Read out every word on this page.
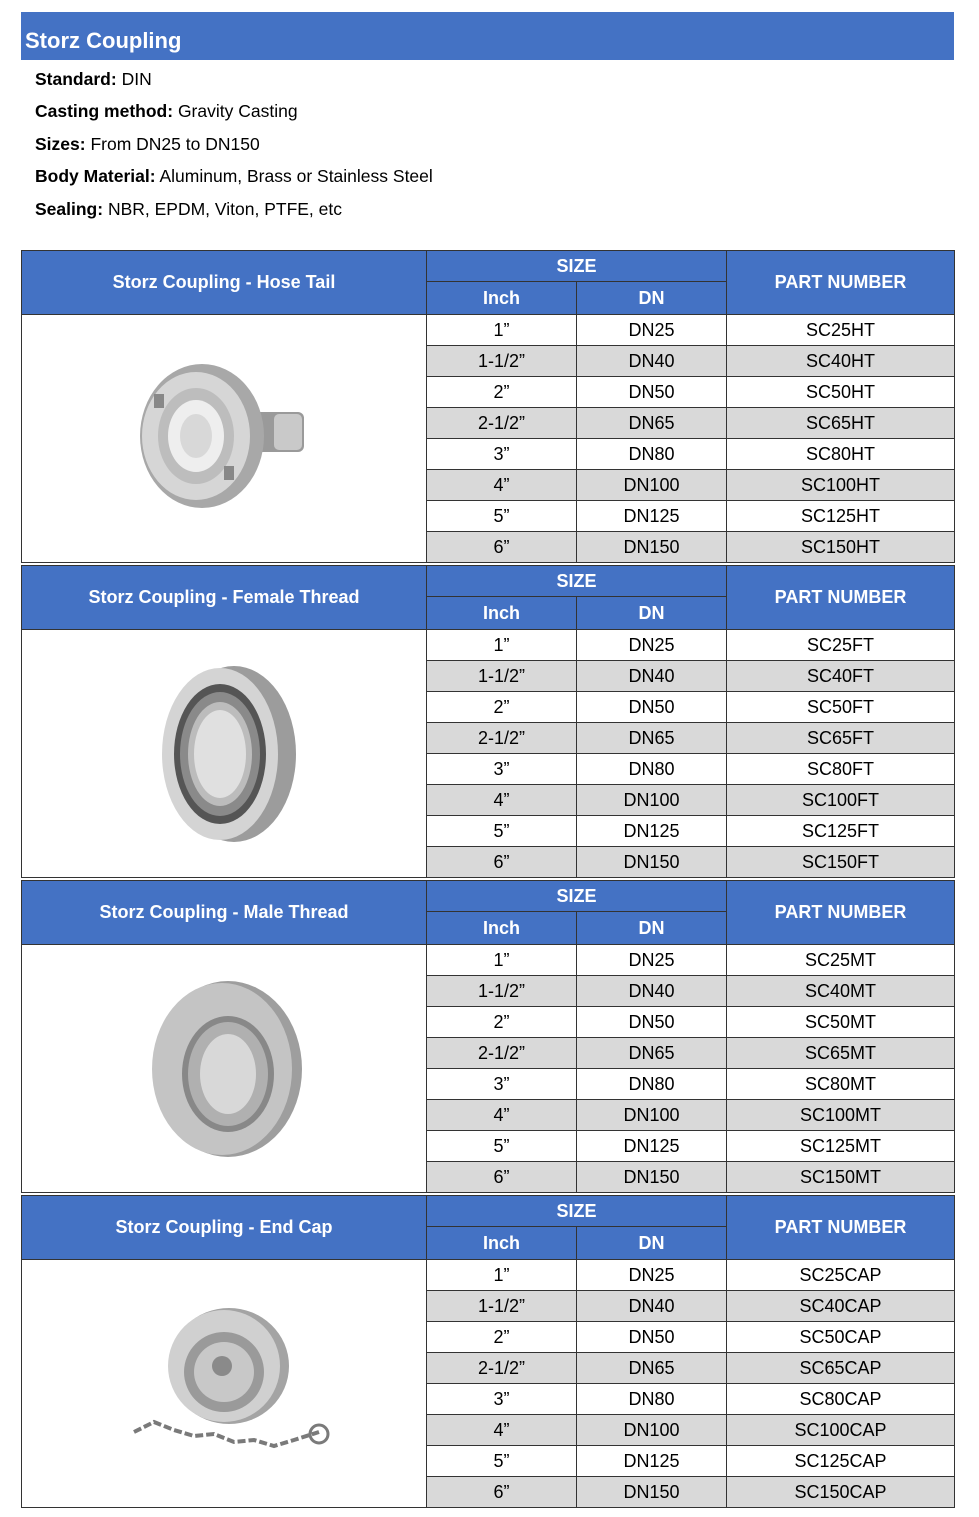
Storz Coupling
Standard: DIN
Casting method: Gravity Casting
Sizes: From DN25 to DN150
Body Material: Aluminum, Brass or Stainless Steel
Sealing: NBR, EPDM, Viton, PTFE, etc
Storz Coupling - Hose Tail	SIZE		PART NUMBER
	Inch	DN	

	1”	DN25	SC25HT
	1-1/2”	DN40	SC40HT
	2”	DN50	SC50HT
	2-1/2”	DN65	SC65HT
	3”	DN80	SC80HT
	4”	DN100	SC100HT
	5”	DN125	SC125HT
	6”	DN150	SC150HT
Storz Coupling - Female Thread	SIZE		PART NUMBER
	Inch	DN	

	1”	DN25	SC25FT
	1-1/2”	DN40	SC40FT
	2”	DN50	SC50FT
	2-1/2”	DN65	SC65FT
	3”	DN80	SC80FT
	4”	DN100	SC100FT
	5”	DN125	SC125FT
	6”	DN150	SC150FT
Storz Coupling - Male Thread	SIZE		PART NUMBER
	Inch	DN	

	1”	DN25	SC25MT
	1-1/2”	DN40	SC40MT
	2”	DN50	SC50MT
	2-1/2”	DN65	SC65MT
	3”	DN80	SC80MT
	4”	DN100	SC100MT
	5”	DN125	SC125MT
	6”	DN150	SC150MT
Storz Coupling - End Cap	SIZE		PART NUMBER
	Inch	DN	

	1”	DN25	SC25CAP
	1-1/2”	DN40	SC40CAP
	2”	DN50	SC50CAP
	2-1/2”	DN65	SC65CAP
	3”	DN80	SC80CAP
	4”	DN100	SC100CAP
	5”	DN125	SC125CAP
	6”	DN150	SC150CAP
